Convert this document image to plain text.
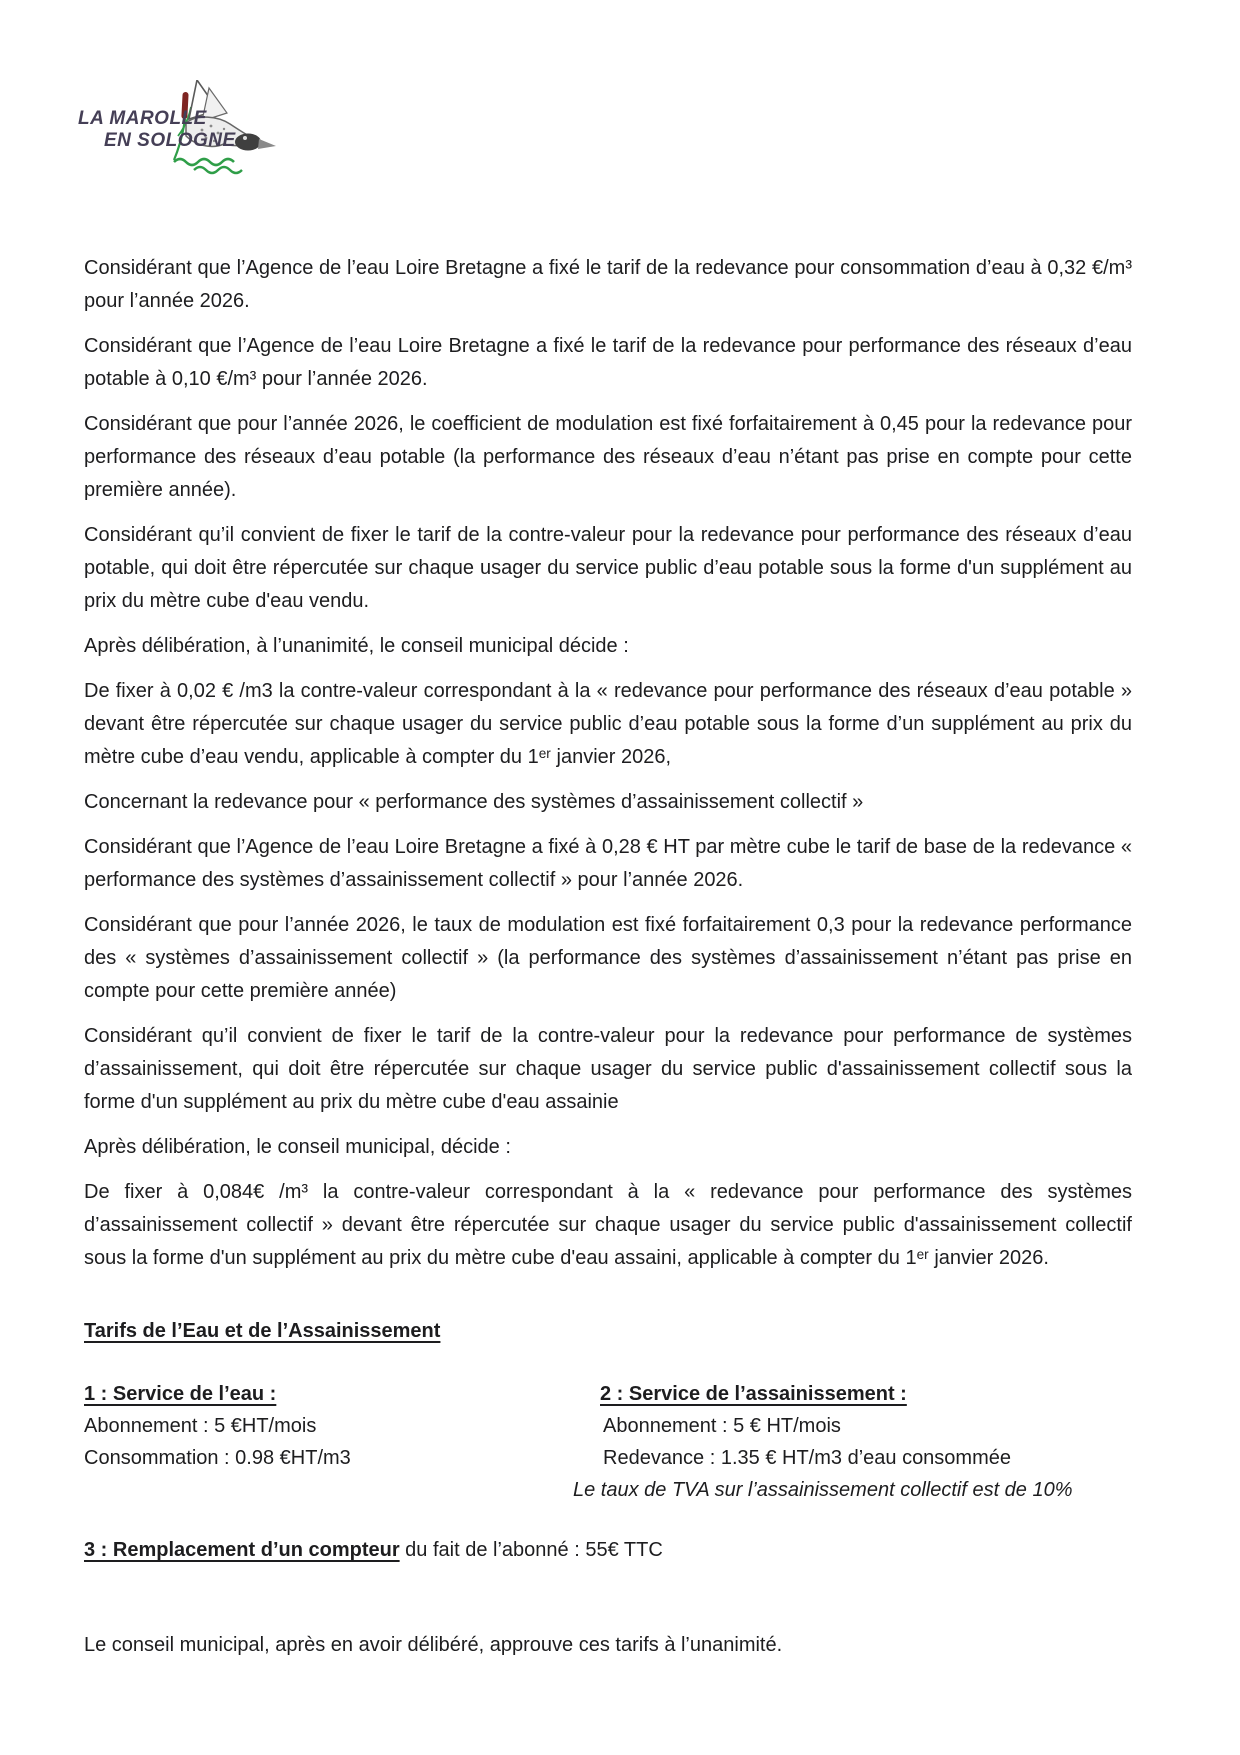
LA MAROLLE
EN SOLOGNE

Considérant que l’Agence de l’eau Loire Bretagne a fixé le tarif de la redevance pour consommation d’eau à 0,32 €/m³ pour l’année 2026.

Considérant que l’Agence de l’eau Loire Bretagne a fixé le tarif de la redevance pour performance des réseaux d’eau potable à 0,10 €/m³ pour l’année 2026.

Considérant que pour l’année 2026, le coefficient de modulation est fixé forfaitairement à 0,45 pour la redevance pour performance des réseaux d’eau potable (la performance des réseaux d’eau n’étant pas prise en compte pour cette première année).

Considérant qu’il convient de fixer le tarif de la contre-valeur pour la redevance pour performance des réseaux d’eau potable, qui doit être répercutée sur chaque usager du service public d’eau potable sous la forme d'un supplément au prix du mètre cube d'eau vendu.

Après délibération, à l’unanimité, le conseil municipal décide :

De fixer à 0,02 € /m3 la contre-valeur correspondant à la « redevance pour performance des réseaux d’eau potable » devant être répercutée sur chaque usager du service public d’eau potable sous la forme d’un supplément au prix du mètre cube d’eau vendu, applicable à compter du 1ᵉʳ janvier 2026,

Concernant la redevance pour « performance des systèmes d’assainissement collectif »

Considérant que l’Agence de l’eau Loire Bretagne a fixé à 0,28 € HT par mètre cube le tarif de base de la redevance « performance des systèmes d’assainissement collectif » pour l’année 2026.

Considérant que pour l’année 2026, le taux de modulation est fixé forfaitairement 0,3 pour la redevance performance des « systèmes d’assainissement collectif » (la performance des systèmes d’assainissement n’étant pas prise en compte pour cette première année)

Considérant qu’il convient de fixer le tarif de la contre-valeur pour la redevance pour performance de systèmes d’assainissement, qui doit être répercutée sur chaque usager du service public d'assainissement collectif sous la forme d'un supplément au prix du mètre cube d'eau assainie

Après délibération, le conseil municipal, décide :

De fixer à 0,084€ /m³ la contre-valeur correspondant à la « redevance pour performance des systèmes d’assainissement collectif » devant être répercutée sur chaque usager du service public d'assainissement collectif sous la forme d'un supplément au prix du mètre cube d'eau assaini, applicable à compter du 1ᵉʳ janvier 2026.

Tarifs de l’Eau et de l’Assainissement
1 : Service de l’eau :
Abonnement : 5 €HT/mois
Consommation : 0.98 €HT/m3
2 : Service de l’assainissement :
Abonnement : 5 € HT/mois
Redevance : 1.35 € HT/m3 d’eau consommée
Le taux de TVA sur l’assainissement collectif est de 10%
3 : Remplacement d’un compteur du fait de l’abonné : 55€ TTC
Le conseil municipal, après en avoir délibéré, approuve ces tarifs à l’unanimité.
